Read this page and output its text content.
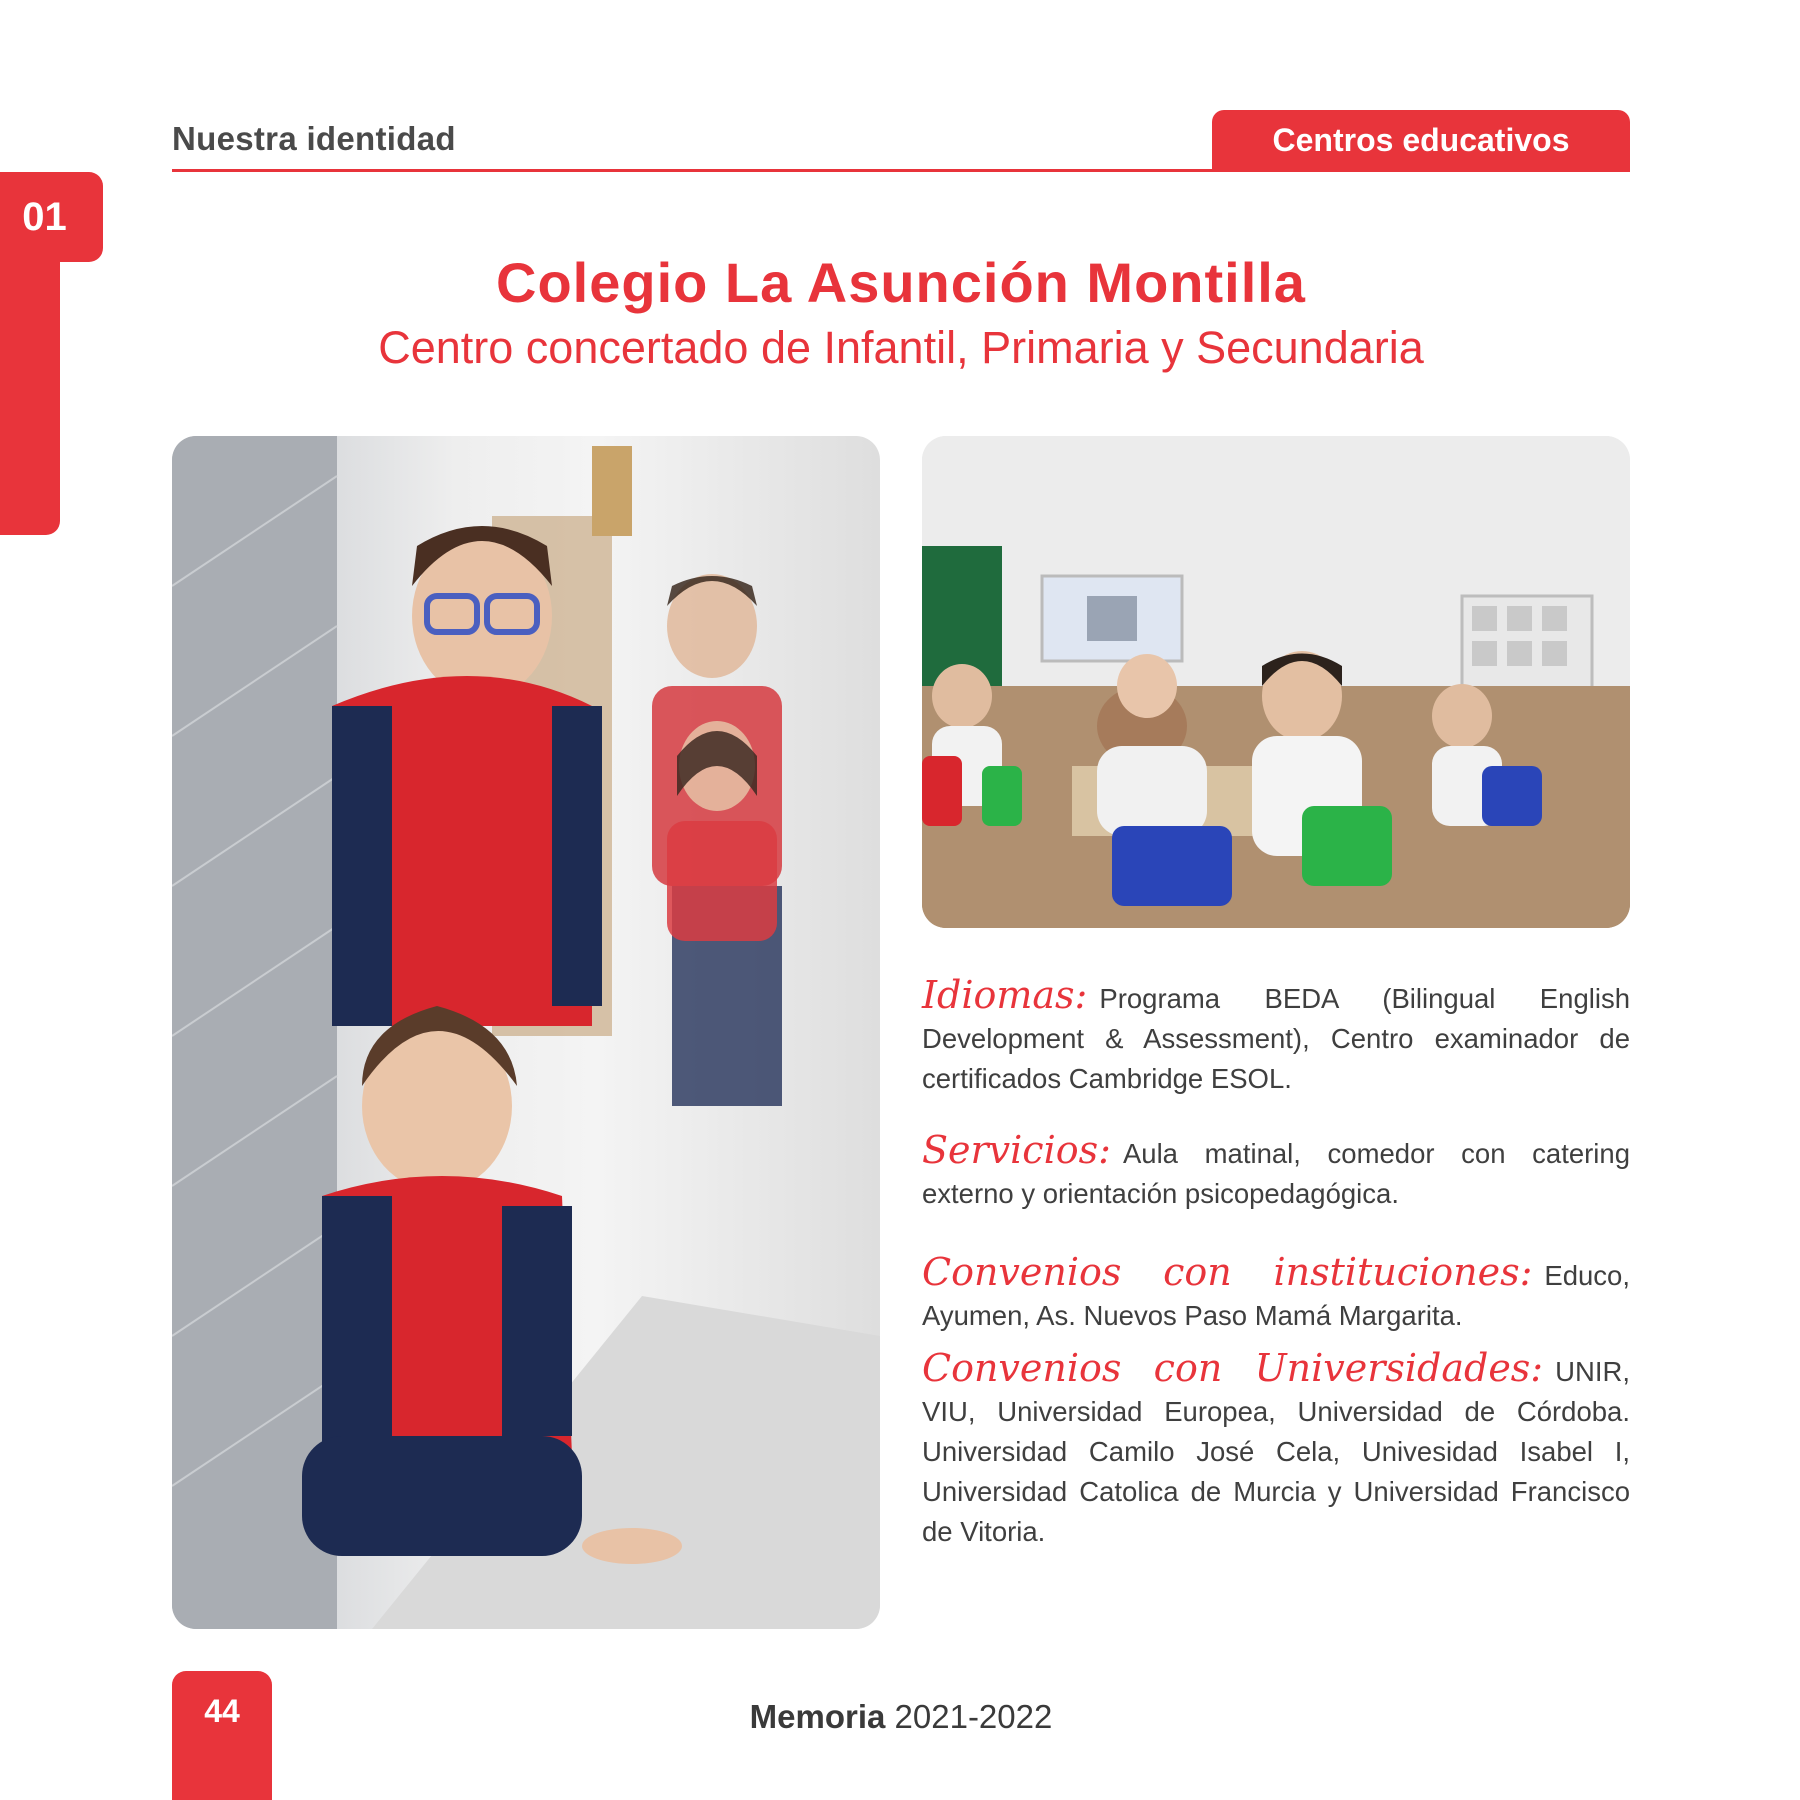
Nuestra identidad	Centros educativos
01
Colegio La Asunción Montilla
Centro concertado de Infantil, Primaria y Secundaria
Idiomas: Programa BEDA (Bilingual English Development & Assessment), Centro examinador de certificados Cambridge ESOL.
Servicios: Aula matinal, comedor con catering externo y orientación psicopedagógica.
Convenios con instituciones: Educo, Ayumen, As. Nuevos Paso Mamá Margarita.
Convenios con Universidades: UNIR, VIU, Universidad Europea, Universidad de Córdoba. Universidad Camilo José Cela, Univesidad Isabel I, Universidad Catolica de Murcia y Universidad Francisco de Vitoria.
44	Memoria 2021-2022
